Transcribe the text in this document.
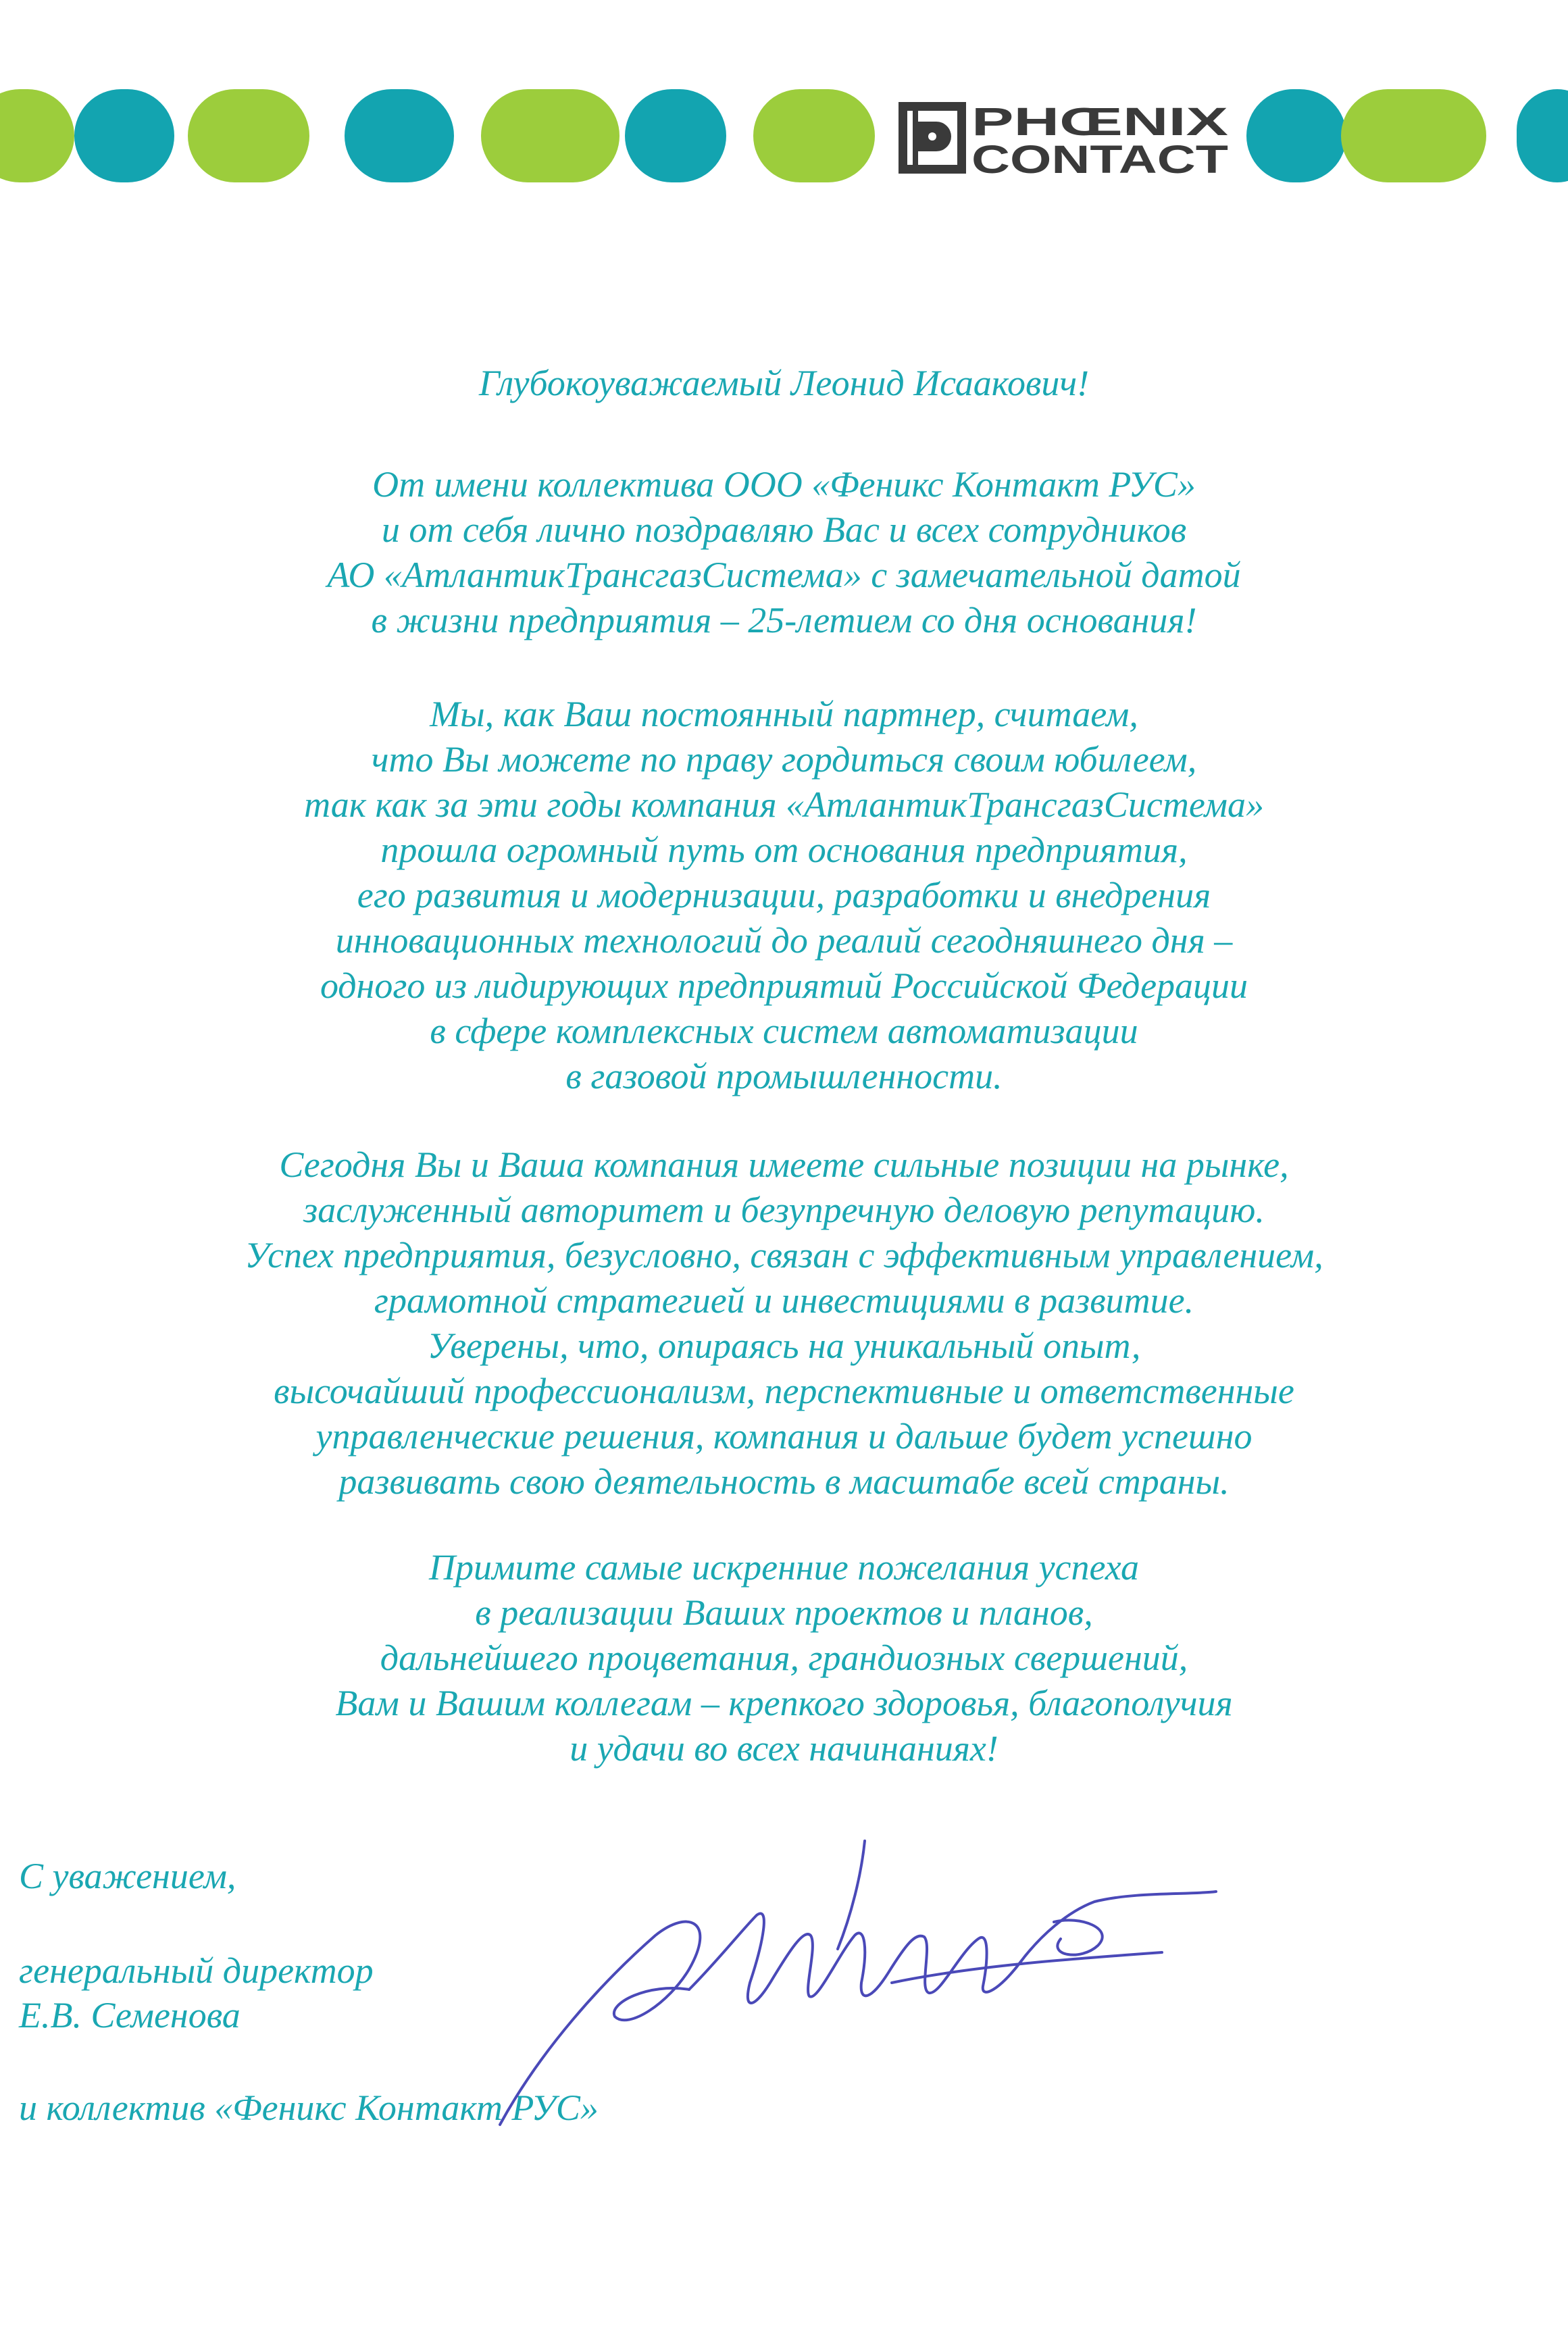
PHŒNIX
CONTACT
Глубокоуважаемый Леонид Исаакович!
От имени коллектива ООО «Феникс Контакт РУС»
и от себя лично поздравляю Вас и всех сотрудников
АО «АтлантикТрансгазСистема» с замечательной датой
в жизни предприятия – 25-летием со дня основания!
Мы, как Ваш постоянный партнер, считаем,
что Вы можете по праву гордиться своим юбилеем,
так как за эти годы компания «АтлантикТрансгазСистема»
прошла огромный путь от основания предприятия,
его развития и модернизации, разработки и внедрения
инновационных технологий до реалий сегодняшнего дня –
одного из лидирующих предприятий Российской Федерации
в сфере комплексных систем автоматизации
в газовой промышленности.
Сегодня Вы и Ваша компания имеете сильные позиции на рынке,
заслуженный авторитет и безупречную деловую репутацию.
Успех предприятия, безусловно, связан с эффективным управлением,
грамотной стратегией и инвестициями в развитие.
Уверены, что, опираясь на уникальный опыт,
высочайший профессионализм, перспективные и ответственные
управленческие решения, компания и дальше будет успешно
развивать свою деятельность в масштабе всей страны.
Примите самые искренние пожелания успеха
в реализации Ваших проектов и планов,
дальнейшего процветания, грандиозных свершений,
Вам и Вашим коллегам – крепкого здоровья, благополучия
и удачи во всех начинаниях!
С уважением,
генеральный директор
Е.В. Семенова
и коллектив «Феникс Контакт РУС»
